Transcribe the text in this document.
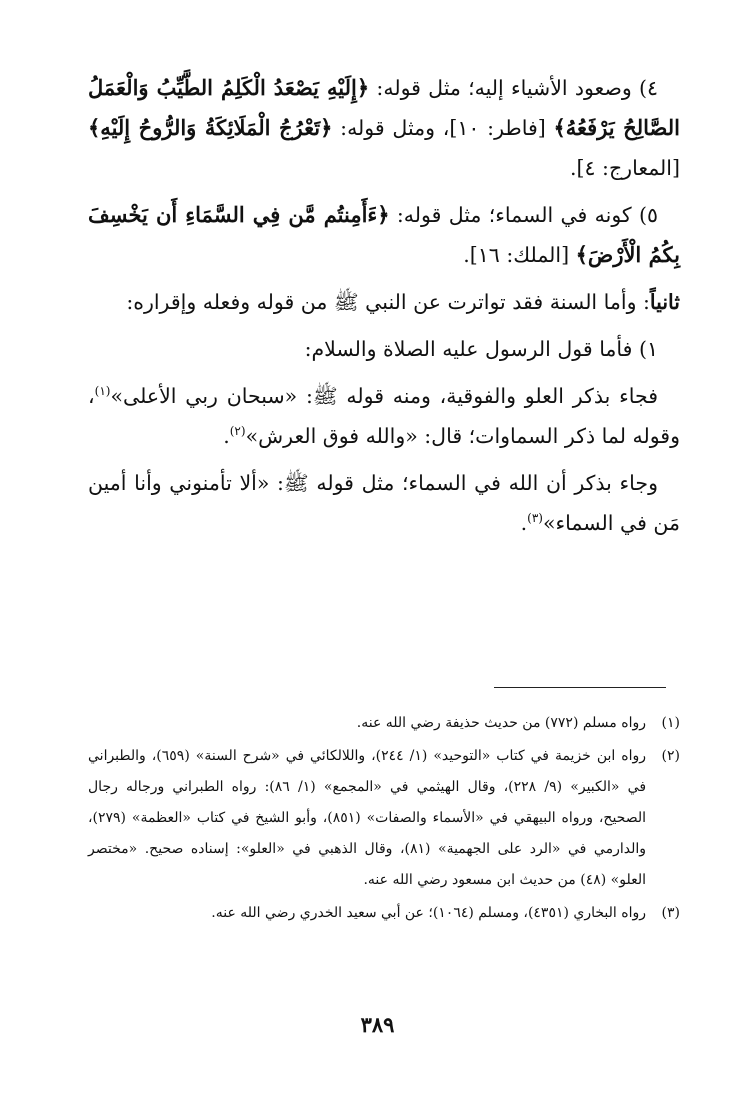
٤) وصعود الأشياء إليه؛ مثل قوله: ﴿إِلَيْهِ يَصْعَدُ الْكَلِمُ الطَّيِّبُ وَالْعَمَلُ الصَّالِحُ يَرْفَعُهُ﴾ [فاطر: ١٠]، ومثل قوله: ﴿تَعْرُجُ الْمَلَائِكَةُ وَالرُّوحُ إِلَيْهِ﴾ [المعارج: ٤].

٥) كونه في السماء؛ مثل قوله: ﴿ءَأَمِنتُم مَّن فِي السَّمَاءِ أَن يَخْسِفَ بِكُمُ الْأَرْضَ﴾ [الملك: ١٦].

ثانياً: وأما السنة فقد تواترت عن النبي ﷺ من قوله وفعله وإقراره:

١) فأما قول الرسول عليه الصلاة والسلام:

فجاء بذكر العلو والفوقية، ومنه قوله ﷺ: «سبحان ربي الأعلى»$^{(١)}$، وقوله لما ذكر السماوات؛ قال: «والله فوق العرش»$^{(٢)}$.

وجاء بذكر أن الله في السماء؛ مثل قوله ﷺ: «ألا تأمنوني وأنا أمين مَن في السماء»$^{(٣)}$.

(١)
رواه مسلم (٧٧٢) من حديث حذيفة رضي الله عنه.
(٢)
رواه ابن خزيمة في كتاب «التوحيد» (١/ ٢٤٤)، واللالكائي في «شرح السنة» (٦٥٩)، والطبراني في «الكبير» (٩/ ٢٢٨)، وقال الهيثمي في «المجمع» (١/ ٨٦): رواه الطبراني ورجاله رجال الصحيح، ورواه البيهقي في «الأسماء والصفات» (٨٥١)، وأبو الشيخ في كتاب «العظمة» (٢٧٩)، والدارمي في «الرد على الجهمية» (٨١)، وقال الذهبي في «العلو»: إسناده صحيح. «مختصر العلو» (٤٨) من حديث ابن مسعود رضي الله عنه.
(٣)
رواه البخاري (٤٣٥١)، ومسلم (١٠٦٤)؛ عن أبي سعيد الخدري رضي الله عنه.
٣٨٩
